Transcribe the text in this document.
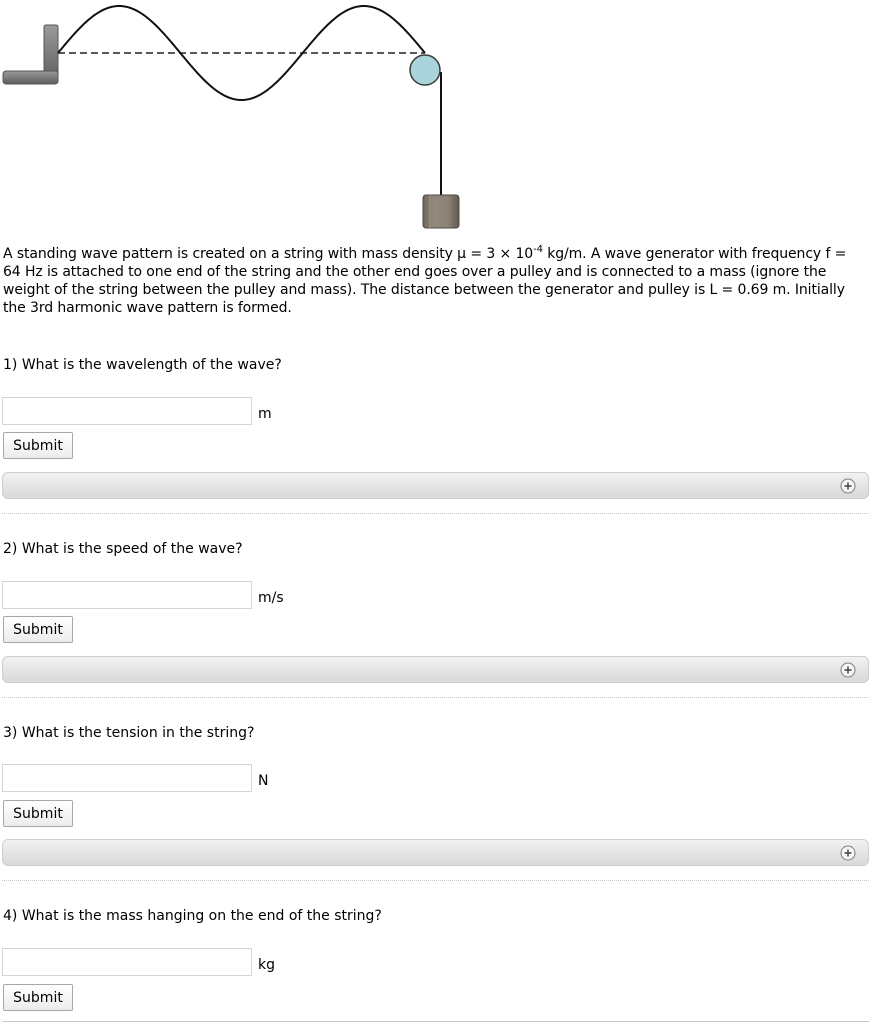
A standing wave pattern is created on a string with mass density $\mu = 3 \times 10^{-4}$ kg/m. A wave generator with frequency f = 64 Hz is attached to one end of the string and the other end goes over a pulley and is connected to a mass (ignore the weight of the string between the pulley and mass). The distance between the generator and pulley is L = 0.69 m. Initially the 3rd harmonic wave pattern is formed.
1) What is the wavelength of the wave?
m
Submit
2) What is the speed of the wave?
m/s
Submit
3) What is the tension in the string?
N
Submit
4) What is the mass hanging on the end of the string?
kg
Submit
